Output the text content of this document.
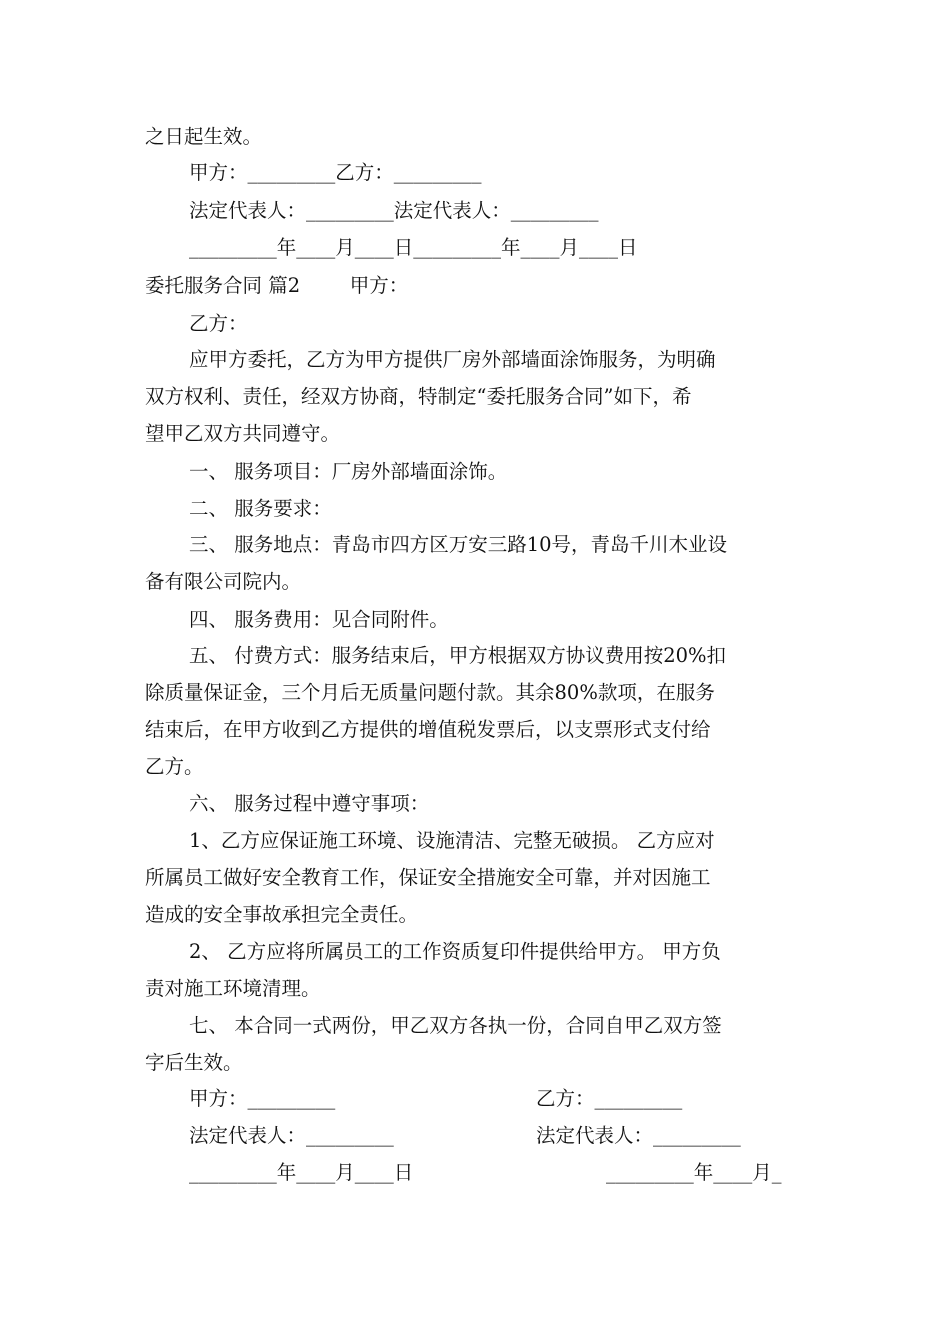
之日起生效。
甲方：_________乙方：_________
法定代表人：_________法定代表人：_________
_________年____月____日_________年____月____日
委托服务合同 篇2        甲方：
乙方：
应甲方委托，乙方为甲方提供厂房外部墙面涂饰服务，为明确
双方权利、责任，经双方协商，特制定“委托服务合同”如下，希
望甲乙双方共同遵守。
一、 服务项目：厂房外部墙面涂饰。
二、 服务要求：
三、 服务地点：青岛市四方区万安三路10号，青岛千川木业设
备有限公司院内。
四、 服务费用：见合同附件。
五、 付费方式：服务结束后，甲方根据双方协议费用按20%扣
除质量保证金，三个月后无质量问题付款。其余80%款项，在服务
结束后，在甲方收到乙方提供的增值税发票后，以支票形式支付给
乙方。
六、 服务过程中遵守事项：
1、乙方应保证施工环境、设施清洁、完整无破损。 乙方应对
所属员工做好安全教育工作，保证安全措施安全可靠，并对因施工
造成的安全事故承担完全责任。
2、 乙方应将所属员工的工作资质复印件提供给甲方。 甲方负
责对施工环境清理。
七、 本合同一式两份，甲乙双方各执一份，合同自甲乙双方签
字后生效。
甲方：_________	乙方：_________
法定代表人：_________	法定代表人：_________
_________年____月____日	_________年____月_
